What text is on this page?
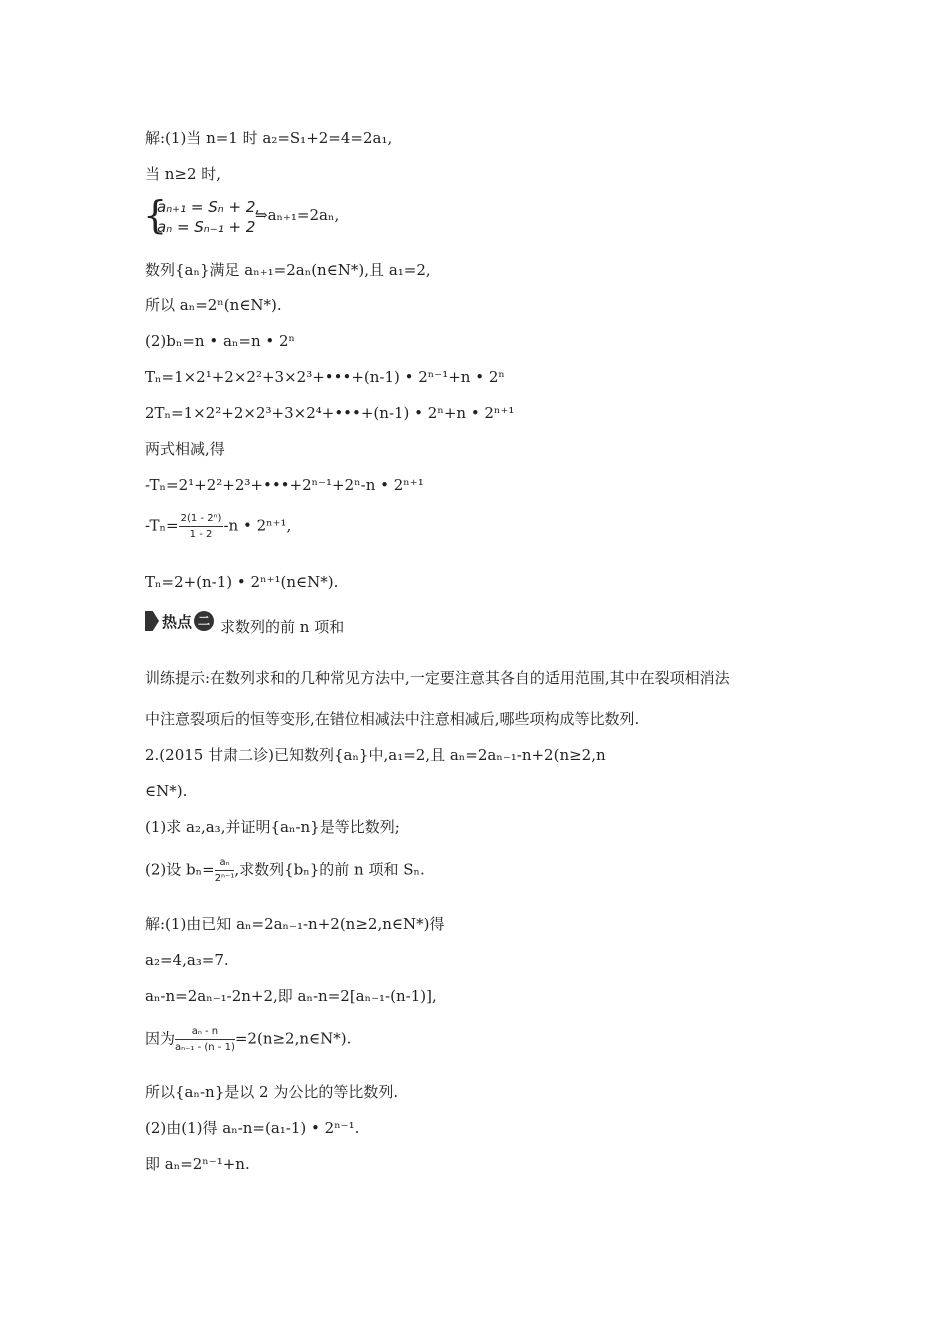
解:(1)当 n=1 时 a₂=S₁+2=4=2a₁,
当 n≥2 时,
{
aₙ₊₁ = Sₙ + 2,
aₙ = Sₙ₋₁ + 2
⇒aₙ₊₁=2aₙ,
数列{aₙ}满足 aₙ₊₁=2aₙ(n∈N*),且 a₁=2,
所以 aₙ=2ⁿ(n∈N*).
(2)bₙ=n • aₙ=n • 2ⁿ
Tₙ=1×2¹+2×2²+3×2³+•••+(n-1) • 2ⁿ⁻¹+n • 2ⁿ
2Tₙ=1×2²+2×2³+3×2⁴+•••+(n-1) • 2ⁿ+n • 2ⁿ⁺¹
两式相减,得
-Tₙ=2¹+2²+2³+•••+2ⁿ⁻¹+2ⁿ-n • 2ⁿ⁺¹
$-T_n= \frac{\text{2(1 - 2ⁿ)}}{1 - 2} -n$ • 2ⁿ⁺¹,
Tₙ=2+(n-1) • 2ⁿ⁺¹(n∈N*).
热点 二 求数列的前 n 项和
训练提示:在数列求和的几种常见方法中,一定要注意其各自的适用范围,其中在裂项相消法
中注意裂项后的恒等变形,在错位相减法中注意相减后,哪些项构成等比数列.
2.(2015 甘肃二诊)已知数列{aₙ}中,a₁=2,且 aₙ=2aₙ₋₁-n+2(n≥2,n
∈N*).
(1)求 a₂,a₃,并证明{aₙ-n}是等比数列;
(2)设 $b_n= \frac{\text{aₙ}}{\text{2ⁿ⁻¹}}$ ,求数列{bₙ}的前 n 项和 Sₙ.
解:(1)由已知 aₙ=2aₙ₋₁-n+2(n≥2,n∈N*)得
a₂=4,a₃=7.
aₙ-n=2aₙ₋₁-2n+2,即 aₙ-n=2[aₙ₋₁-(n-1)],
因为 $\frac{\text{aₙ - n}}{\text{aₙ₋₁ - (n - 1)}}$ =2(n≥2,n∈N*).
所以{aₙ-n}是以 2 为公比的等比数列.
(2)由(1)得 aₙ-n=(a₁-1) • 2ⁿ⁻¹.
即 aₙ=2ⁿ⁻¹+n.
